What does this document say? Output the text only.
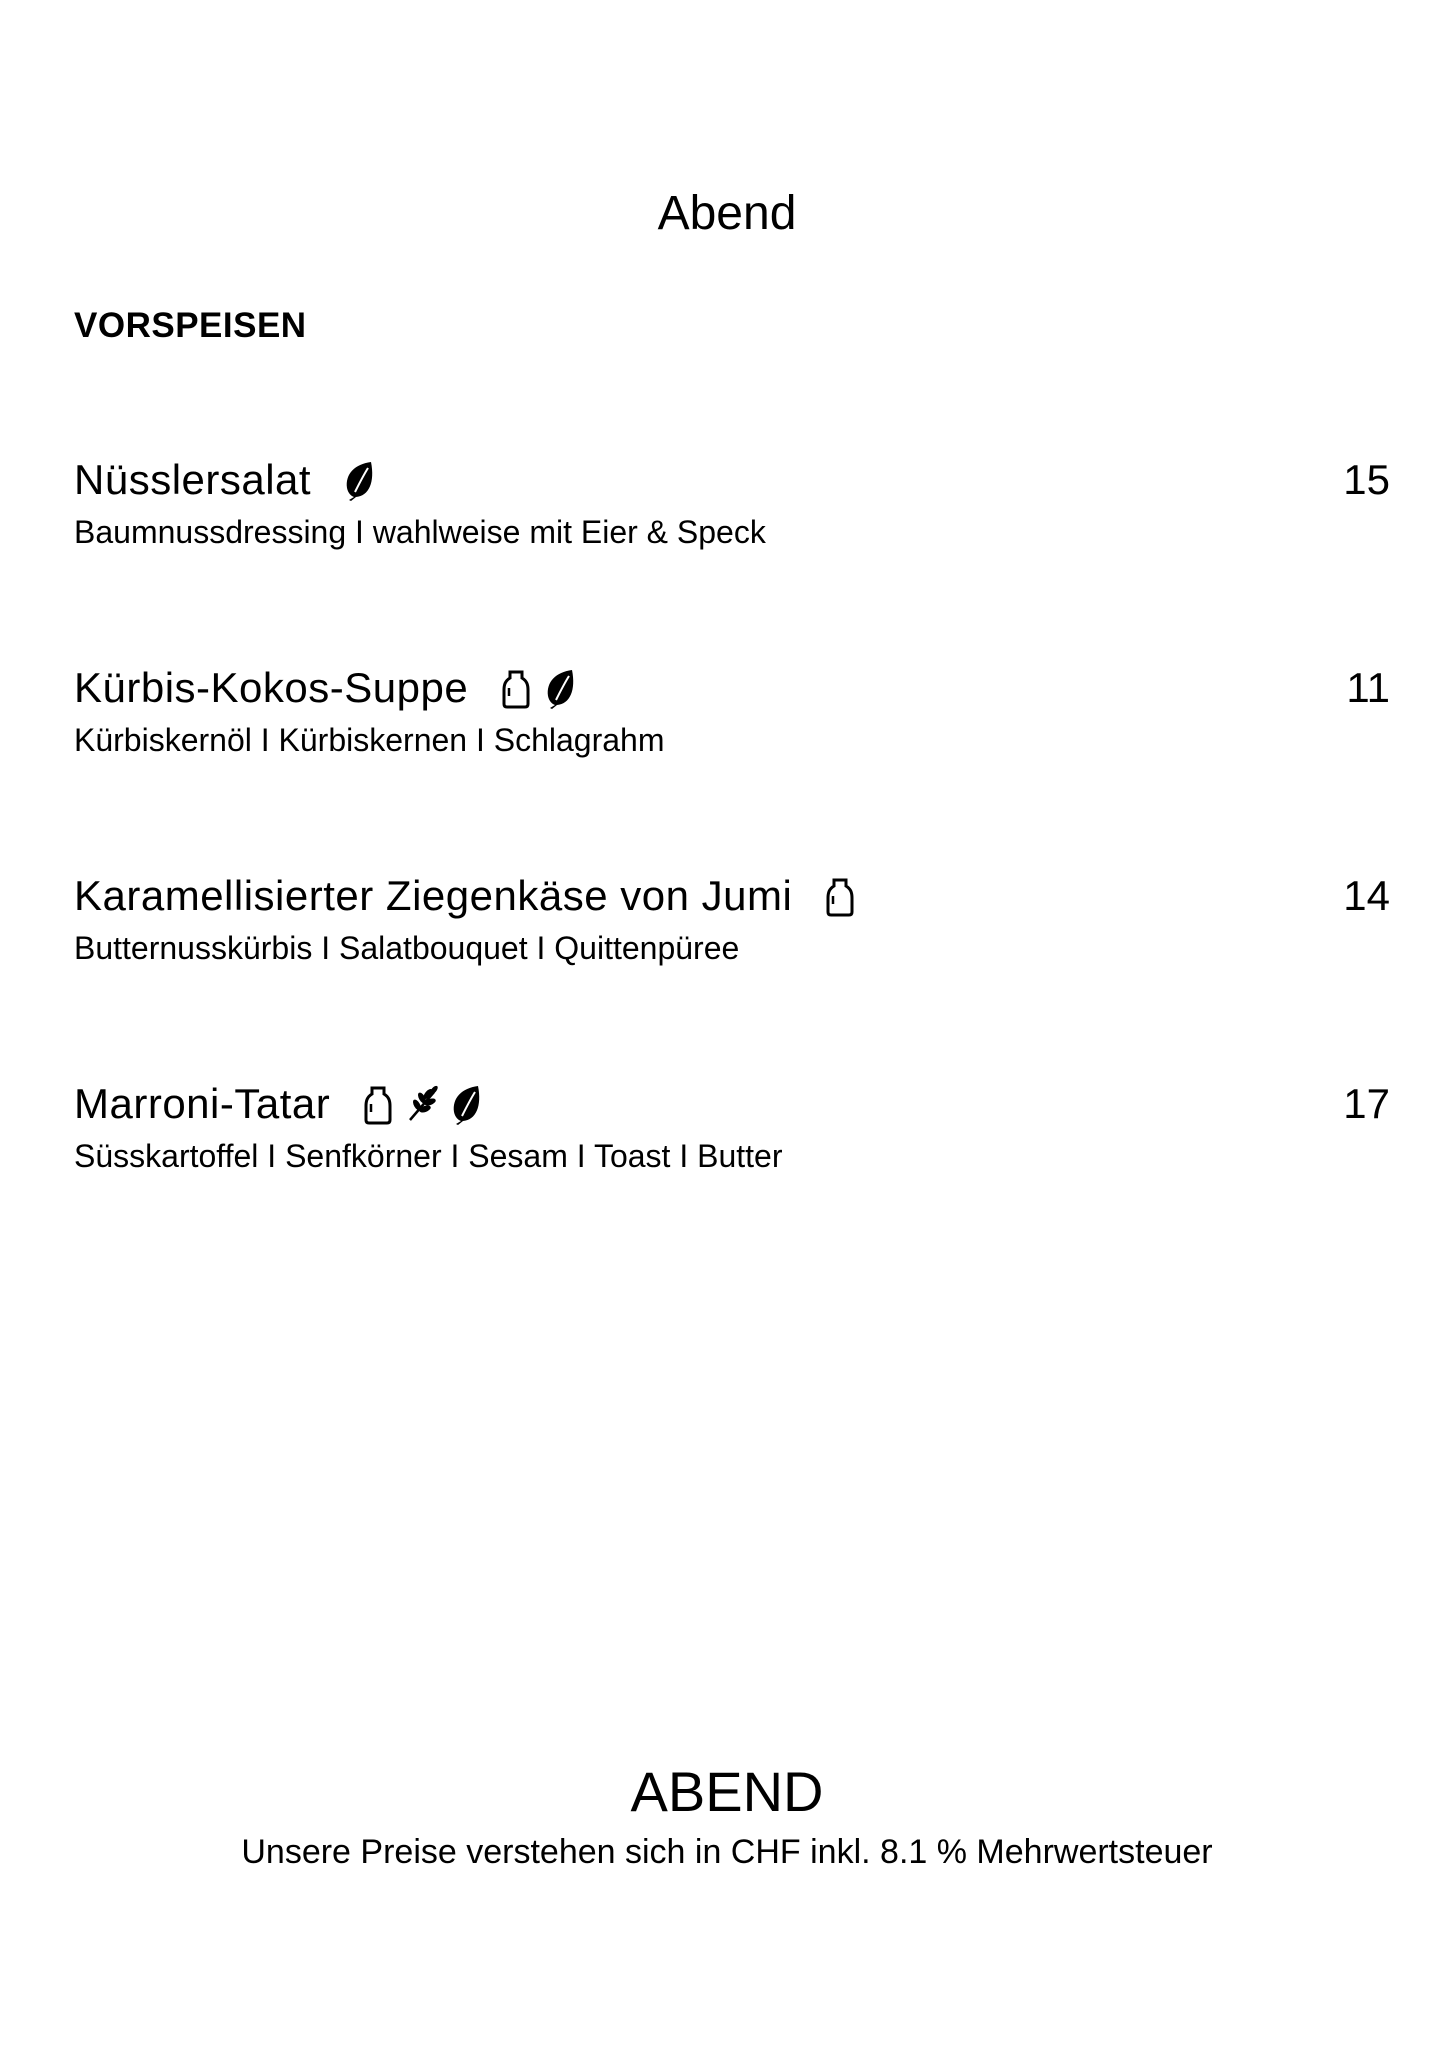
Abend
VORSPEISEN
Nüsslersalat	15
Baumnussdressing I wahlweise mit Eier & Speck
Kürbis-Kokos-Suppe	11
Kürbiskernöl I Kürbiskernen I Schlagrahm
Karamellisierter Ziegenkäse von Jumi	14
Butternusskürbis I Salatbouquet I Quittenpüree
Marroni-Tatar	17
Süsskartoffel I Senfkörner I Sesam I Toast I Butter
ABEND
Unsere Preise verstehen sich in CHF inkl. 8.1 % Mehrwertsteuer
